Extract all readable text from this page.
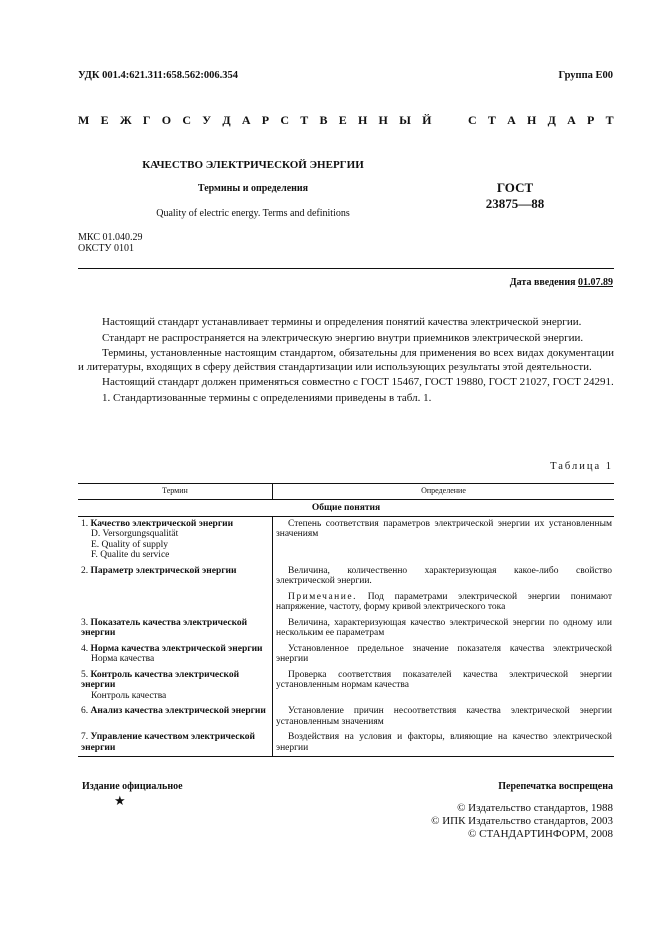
УДК 001.4:621.311:658.562:006.354	Группа Е00
М Е Ж Г О С У Д А Р С Т В Е Н Н Ы Й	С Т А Н Д А Р Т
КАЧЕСТВО ЭЛЕКТРИЧЕСКОЙ ЭНЕРГИИ
Термины и определения
Quality of electric energy. Terms and definitions
ГОСТ
23875—88
МКС 01.040.29
ОКСТУ 0101
Дата введения 01.07.89

Настоящий стандарт устанавливает термины и определения понятий качества электрической энергии.

Стандарт не распространяется на электрическую энергию внутри приемников электрической энергии.

Термины, установленные настоящим стандартом, обязательны для применения во всех видах документации и литературы, входящих в сферу действия стандартизации или использующих результаты этой деятельности.

Настоящий стандарт должен применяться совместно с ГОСТ 15467, ГОСТ 19880, ГОСТ 21027, ГОСТ 24291.

1. Стандартизованные термины с определениями приведены в табл. 1.

Таблица 1
Термин	Определение
Общие понятия	
1. Качество электрической энергии
D. Versorgungsqualität
E. Quality of supply
F. Qualite du service	Степень соответствия параметров электрической энергии их установленным значениям
2. Параметр электрической энергии	Величина, количественно характеризующая какое-либо свойство электрической энергии.
Примечание. Под параметрами электрической энергии понимают напряжение, частоту, форму кривой электрического тока

3. Показатель качества электрической энергии	Величина, характеризующая качество электрической энергии по одному или нескольким ее параметрам
4. Норма качества электрической энергии
Норма качества	Установленное предельное значение показателя качества электрической энергии
5. Контроль качества электрической энергии
Контроль качества	Проверка соответствия показателей качества электрической энергии установленным нормам качества
6. Анализ качества электрической энергии	Установление причин несоответствия качества электрической энергии установленным значениям
7. Управление качеством электрической энергии	Воздействия на условия и факторы, влияющие на качество электрической энергии
Издание официальное
★
Перепечатка воспрещена
© Издательство стандартов, 1988
© ИПК Издательство стандартов, 2003
© СТАНДАРТИНФОРМ, 2008
